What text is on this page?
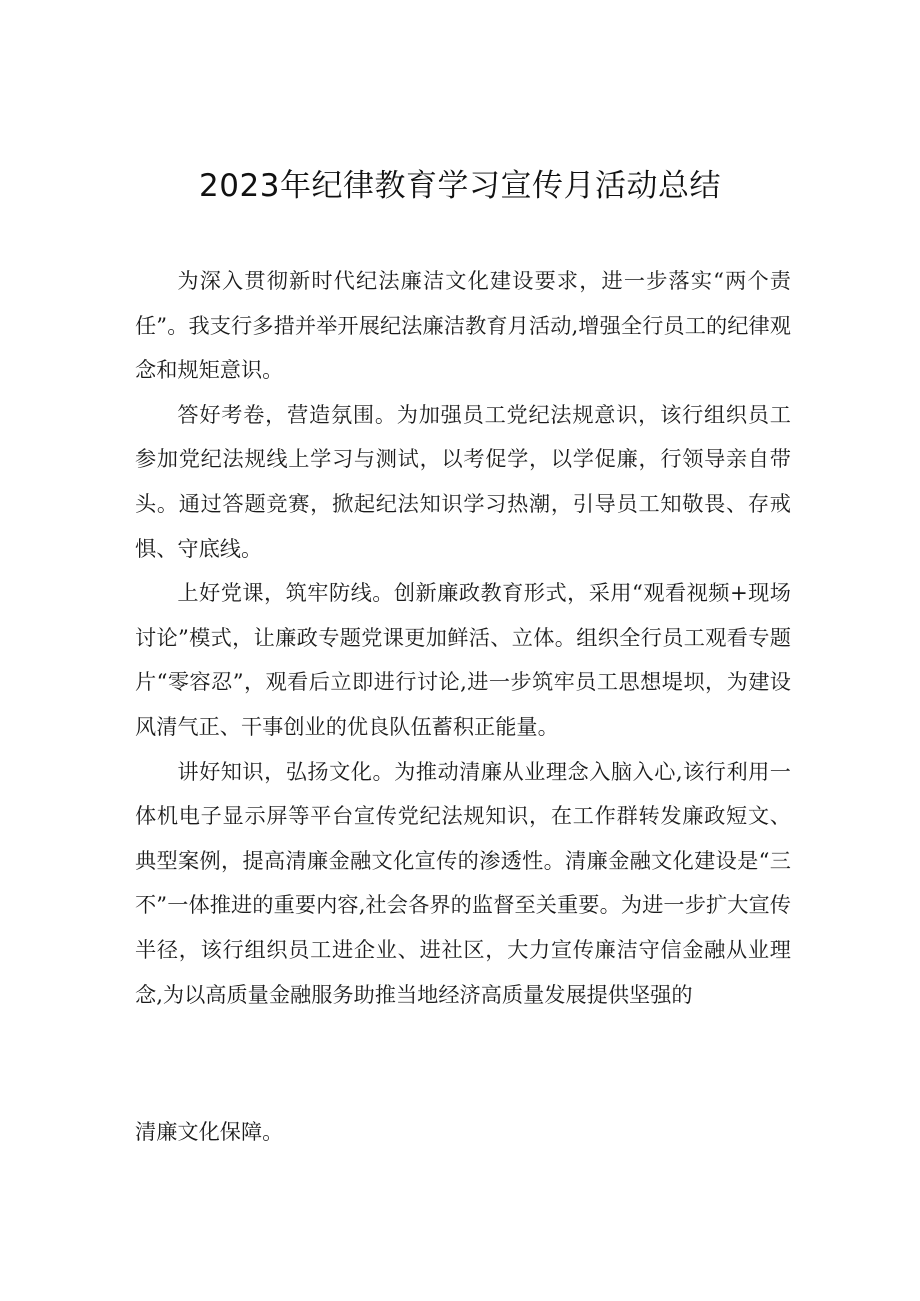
2023年纪律教育学习宣传月活动总结

为深入贯彻新时代纪法廉洁文化建设要求，进一步落实“两个责任”。我支行多措并举开展纪法廉洁教育月活动,增强全行员工的纪律观念和规矩意识。

答好考卷，营造氛围。为加强员工党纪法规意识，该行组织员工参加党纪法规线上学习与测试，以考促学，以学促廉，行领导亲自带头。通过答题竞赛，掀起纪法知识学习热潮，引导员工知敬畏、存戒惧、守底线。

上好党课，筑牢防线。创新廉政教育形式，采用“观看视频+现场讨论”模式，让廉政专题党课更加鲜活、立体。组织全行员工观看专题片“零容忍”，观看后立即进行讨论,进一步筑牢员工思想堤坝，为建设风清气正、干事创业的优良队伍蓄积正能量。

讲好知识，弘扬文化。为推动清廉从业理念入脑入心,该行利用一体机电子显示屏等平台宣传党纪法规知识，在工作群转发廉政短文、典型案例，提高清廉金融文化宣传的渗透性。清廉金融文化建设是“三不”一体推进的重要内容,社会各界的监督至关重要。为进一步扩大宣传半径，该行组织员工进企业、进社区，大力宣传廉洁守信金融从业理念,为以高质量金融服务助推当地经济高质量发展提供坚强的

清廉文化保障。
